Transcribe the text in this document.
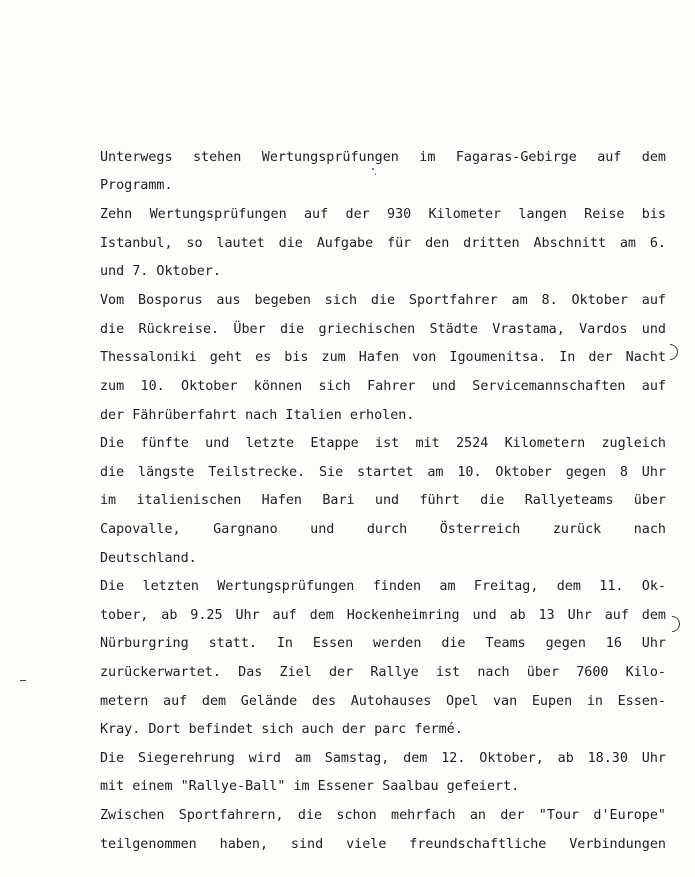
Unterwegs stehen Wertungsprüfungen im Fagaras-Gebirge auf dem
Programm.
Zehn Wertungsprüfungen auf der 930 Kilometer langen Reise bis
Istanbul, so lautet die Aufgabe für den dritten Abschnitt am 6.
und 7. Oktober.
Vom Bosporus aus begeben sich die Sportfahrer am 8. Oktober auf
die Rückreise. Über die griechischen Städte Vrastama, Vardos und
Thessaloniki geht es bis zum Hafen von Igoumenitsa. In der Nacht
zum 10. Oktober können sich Fahrer und Servicemannschaften auf
der Fährüberfahrt nach Italien erholen.
Die fünfte und letzte Etappe ist mit 2524 Kilometern zugleich
die längste Teilstrecke. Sie startet am 10. Oktober gegen 8 Uhr
im italienischen Hafen Bari und führt die Rallyeteams über
Capovalle, Gargnano und durch Österreich zurück nach
Deutschland.
Die letzten Wertungsprüfungen finden am Freitag, dem 11. Ok-
tober, ab 9.25 Uhr auf dem Hockenheimring und ab 13 Uhr auf dem
Nürburgring statt. In Essen werden die Teams gegen 16 Uhr
zurückerwartet. Das Ziel der Rallye ist nach über 7600 Kilo-
metern auf dem Gelände des Autohauses Opel van Eupen in Essen-
Kray. Dort befindet sich auch der parc fermé.
Die Siegerehrung wird am Samstag, dem 12. Oktober, ab 18.30 Uhr
mit einem "Rallye-Ball" im Essener Saalbau gefeiert.
Zwischen Sportfahrern, die schon mehrfach an der "Tour d'Europe"
teilgenommen haben, sind viele freundschaftliche Verbindungen
